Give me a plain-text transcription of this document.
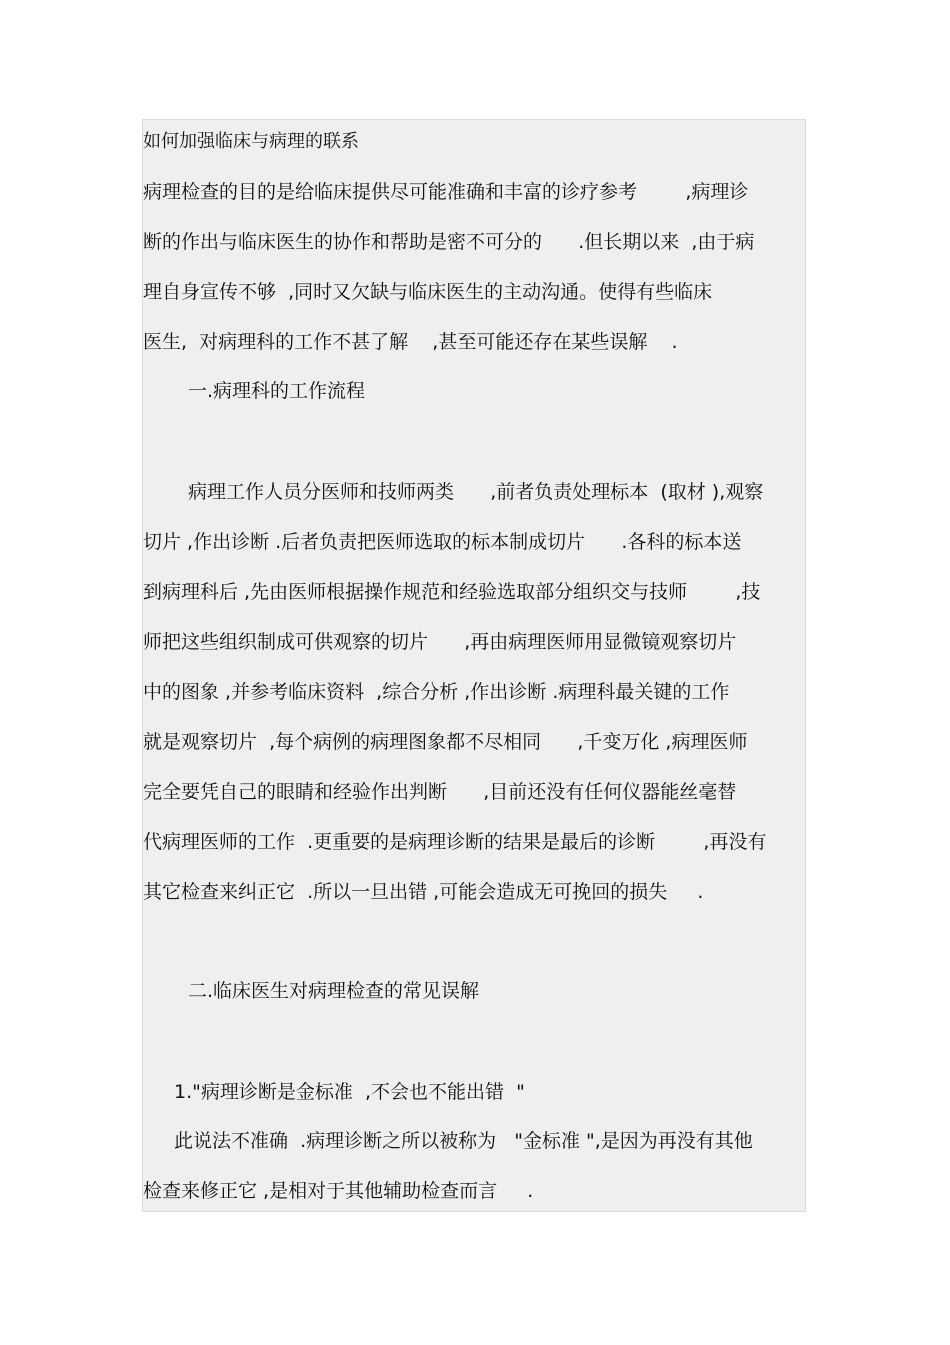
如何加强临床与病理的联系

病理检查的目的是给临床提供尽可能准确和丰富的诊疗参考        ,病理诊

断的作出与临床医生的协作和帮助是密不可分的      .但长期以来  ,由于病

理自身宣传不够  ,同时又欠缺与临床医生的主动沟通。使得有些临床

医生,  对病理科的工作不甚了解    ,甚至可能还存在某些误解    .

一.病理科的工作流程

病理工作人员分医师和技师两类      ,前者负责处理标本  (取材 ),观察

切片 ,作出诊断 .后者负责把医师选取的标本制成切片      .各科的标本送

到病理科后 ,先由医师根据操作规范和经验选取部分组织交与技师        ,技

师把这些组织制成可供观察的切片      ,再由病理医师用显微镜观察切片

中的图象 ,并参考临床资料  ,综合分析 ,作出诊断 .病理科最关键的工作

就是观察切片  ,每个病例的病理图象都不尽相同      ,千变万化 ,病理医师

完全要凭自己的眼睛和经验作出判断      ,目前还没有任何仪器能丝毫替

代病理医师的工作  .更重要的是病理诊断的结果是最后的诊断        ,再没有

其它检查来纠正它  .所以一旦出错 ,可能会造成无可挽回的损失     .

二.临床医生对病理检查的常见误解

1."病理诊断是金标准  ,不会也不能出错  "

此说法不准确  .病理诊断之所以被称为   "金标准 ",是因为再没有其他

检查来修正它 ,是相对于其他辅助检查而言     .
